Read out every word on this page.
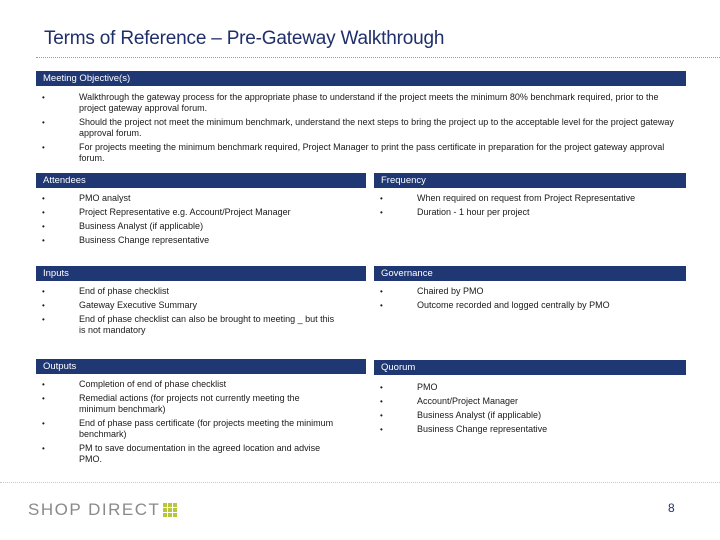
Terms of Reference – Pre-Gateway Walkthrough
Meeting Objective(s)
•	Walkthrough the gateway process for the appropriate phase to understand if the project meets the minimum 80% benchmark required, prior to the project gateway approval forum.
•	Should the project not meet the minimum benchmark, understand the next steps to bring the project up to the acceptable level for the project gateway approval forum.
•	For projects meeting the minimum benchmark required, Project Manager to print the pass certificate in preparation for the project gateway approval forum.
Attendees
•	PMO analyst
•	Project Representative e.g. Account/Project Manager
•	Business Analyst (if applicable)
•	Business Change representative
Frequency
•	When required on request from Project Representative
•	Duration - 1 hour per project
Inputs
•	End of phase checklist
•	Gateway Executive Summary
•	End of phase checklist can also be brought to meeting _ but this is not mandatory
Governance
•	Chaired by PMO
•	Outcome recorded and logged centrally by PMO
Outputs
•	Completion of end of phase checklist
•	Remedial actions (for projects not currently meeting the minimum benchmark)
•	End of phase pass certificate (for projects meeting the minimum benchmark)
•	PM to save documentation in the agreed location and advise PMO.
Quorum
•	PMO
•	Account/Project Manager
•	Business Analyst (if applicable)
•	Business Change representative
SHOP DIRECT	8
